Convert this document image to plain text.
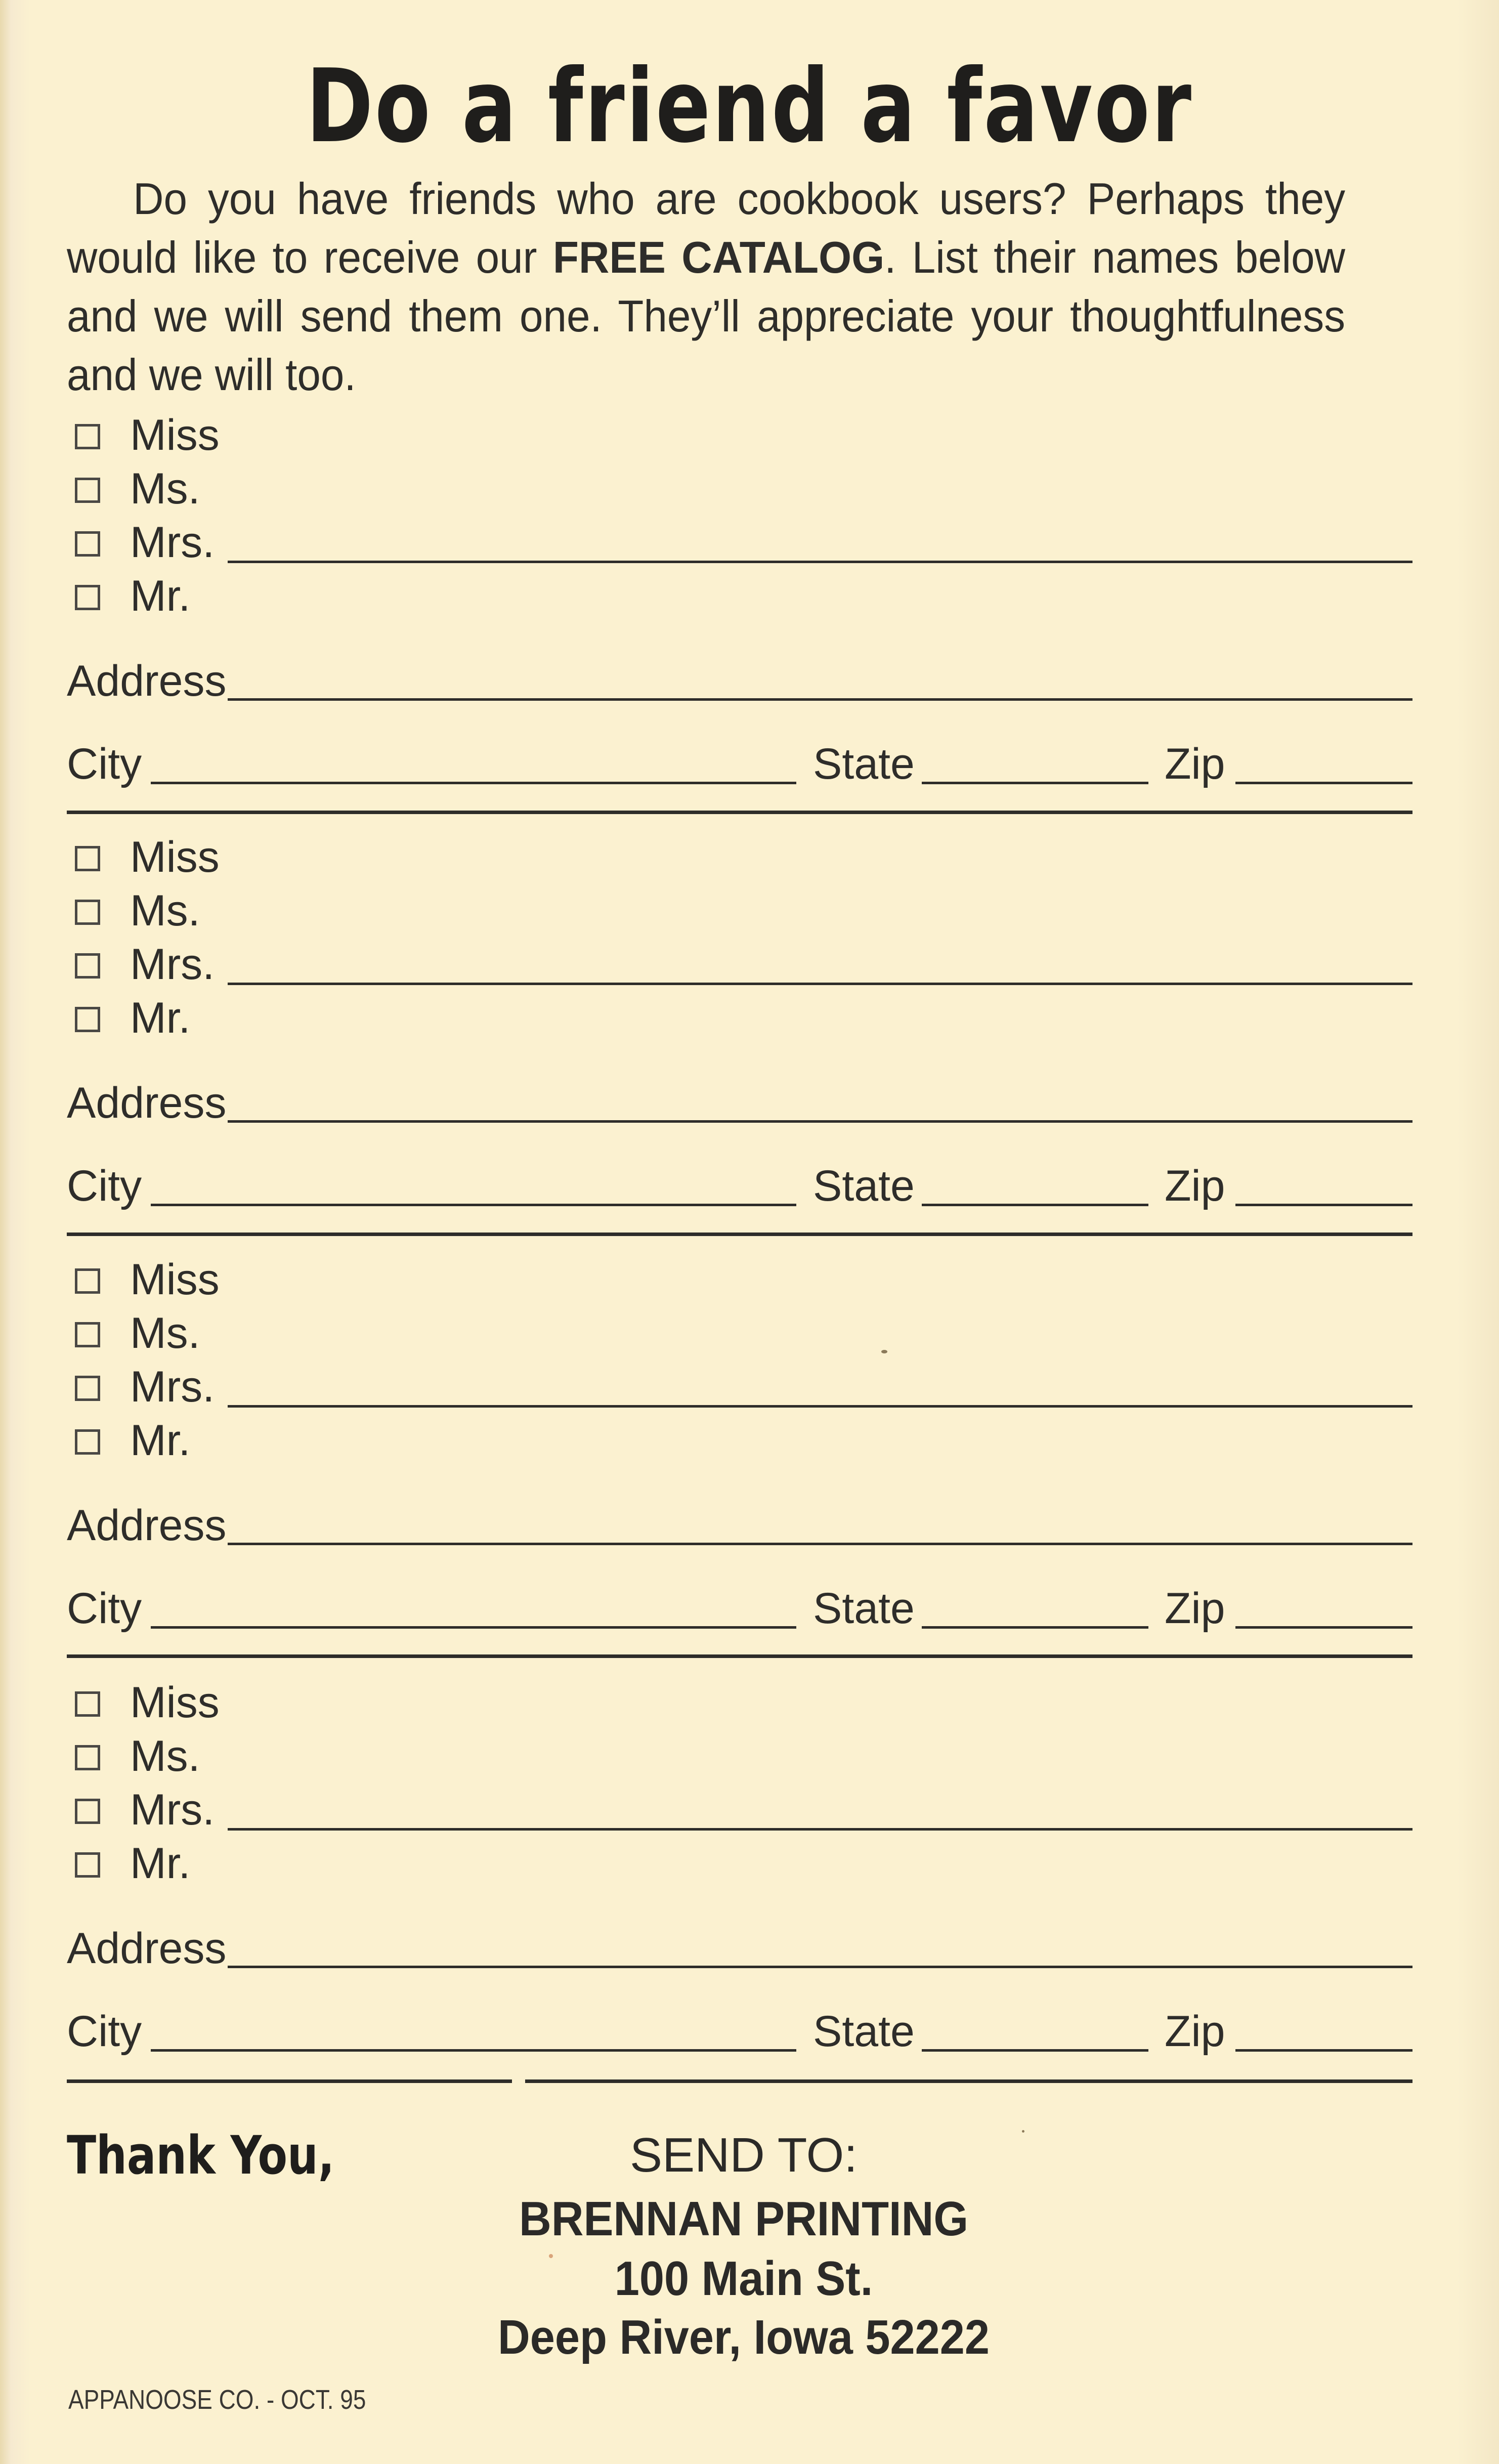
Do a friend a favor
Do you have friends who are cookbook users? Perhaps they would like to receive our FREE CATALOG. List their names below and we will send them one. They’ll appreciate your thoughtfulness and we will too.
Miss
Ms.
Mrs.
Mr.
Address
City	State	Zip
Miss
Ms.
Mrs.
Mr.
Address
City	State	Zip
Miss
Ms.
Mrs.
Mr.
Address
City	State	Zip
Miss
Ms.
Mrs.
Mr.
Address
City	State	Zip
Thank You,	SEND TO:
BRENNAN PRINTING
100 Main St.
Deep River, Iowa 52222
APPANOOSE CO. - OCT. 95
